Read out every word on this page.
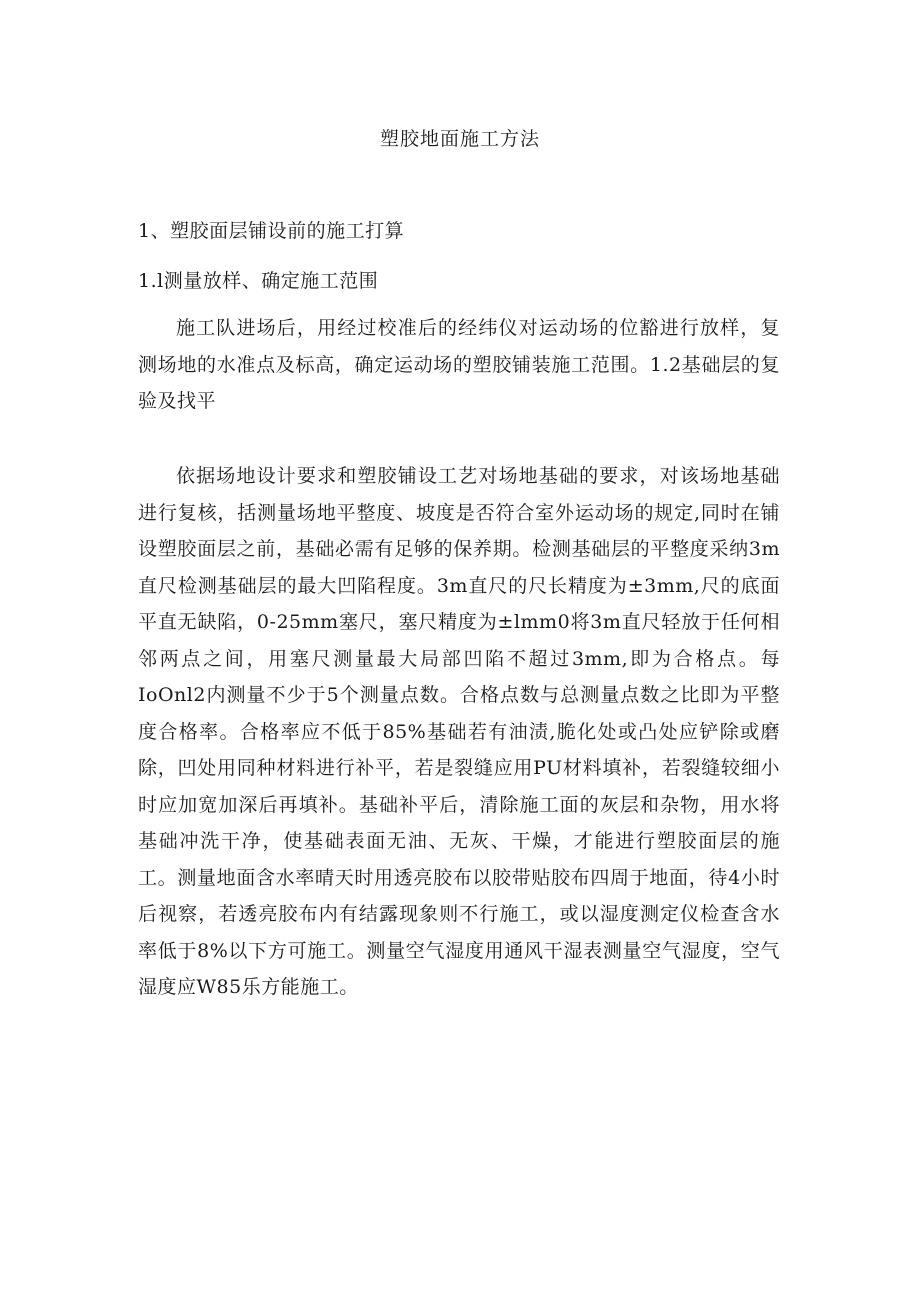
塑胶地面施工方法
1、塑胶面层铺设前的施工打算
1.l测量放样、确定施工范围

施工队进场后，用经过校准后的经纬仪对运动场的位豁进行放样，复测场地的水准点及标高，确定运动场的塑胶铺装施工范围。1.2基础层的复验及找平

依据场地设计要求和塑胶铺设工艺对场地基础的要求，对该场地基础进行复核，括测量场地平整度、坡度是否符合室外运动场的规定,同时在铺设塑胶面层之前，基础必需有足够的保养期。检测基础层的平整度采纳3m直尺检测基础层的最大凹陷程度。3m直尺的尺长精度为±3mm,尺的底面平直无缺陷，0-25mm塞尺，塞尺精度为±lmm0将3m直尺轻放于任何相邻两点之间，用塞尺测量最大局部凹陷不超过3mm,即为合格点。每IoOnl2内测量不少于5个测量点数。合格点数与总测量点数之比即为平整度合格率。合格率应不低于85%基础若有油渍,脆化处或凸处应铲除或磨除，凹处用同种材料进行补平，若是裂缝应用PU材料填补，若裂缝较细小时应加宽加深后再填补。基础补平后，清除施工面的灰层和杂物，用水将基础冲洗干净，使基础表面无油、无灰、干燥，才能进行塑胶面层的施工。测量地面含水率晴天时用透亮胶布以胶带贴胶布四周于地面，待4小时后视察，若透亮胶布内有结露现象则不行施工，或以湿度测定仪检查含水率低于8%以下方可施工。测量空气湿度用通风干湿表测量空气湿度，空气湿度应W85乐方能施工。
